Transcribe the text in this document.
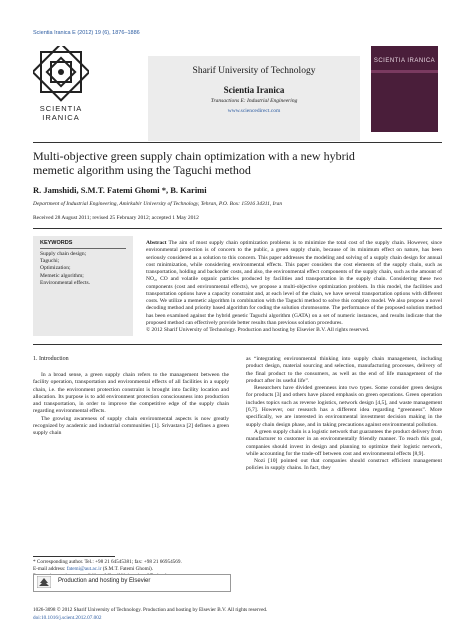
Scientia Iranica E (2012) 19 (6), 1876–1886
SCIENTIA
IRANICA
Sharif University of Technology
Scientia Iranica
Transactions E: Industrial Engineering
www.sciencedirect.com
SCIENTIA IRANICA
Multi-objective green supply chain optimization with a new hybrid
memetic algorithm using the Taguchi method
R. Jamshidi, S.M.T. Fatemi Ghomi *, B. Karimi
Department of Industrial Engineering, Amirkabir University of Technology, Tehran, P.O. Box: 15916 34311, Iran
Received 28 August 2011; revised 25 February 2012; accepted 1 May 2012
KEYWORDS
Supply chain design;
Taguchi;
Optimization;
Memetic algorithm;
Environmental effects.
Abstract The aim of most supply chain optimization problems is to minimize the total cost of the supply chain. However, since environmental protection is of concern to the public, a green supply chain, because of its minimum effect on nature, has been seriously considered as a solution to this concern. This paper addresses the modeling and solving of a supply chain design for annual cost minimization, while considering environmental effects. This paper considers the cost elements of the supply chain, such as transportation, holding and backorder costs, and also, the environmental effect components of the supply chain, such as the amount of NO₂, CO and volatile organic particles produced by facilities and transportation in the supply chain. Considering these two components (cost and environmental effects), we propose a multi-objective optimization problem. In this model, the facilities and transportation options have a capacity constraint and, at each level of the chain, we have several transportation options with different costs. We utilize a memetic algorithm in combination with the Taguchi method to solve this complex model. We also propose a novel decoding method and priority based algorithm for coding the solution chromosome. The performance of the proposed solution method has been examined against the hybrid genetic Taguchi algorithm (GATA) on a set of numeric instances, and results indicate that the proposed method can effectively provide better results than previous solution procedures.
© 2012 Sharif University of Technology. Production and hosting by Elsevier B.V. All rights reserved.
1. Introduction

In a broad sense, a green supply chain refers to the management between the facility operation, transportation and environmental effects of all facilities in a supply chain, i.e. the environment protection constraint is brought into facility location and allocation. Its purpose is to add environment protection consciousness into production and transportation, in order to improve the competitive edge of the supply chain regarding environmental effects.

The growing awareness of supply chain environmental aspects is now greatly recognized by academic and industrial communities [1]. Srivastava [2] defines a green supply chain

as “integrating environmental thinking into supply chain management, including product design, material sourcing and selection, manufacturing processes, delivery of the final product to the consumers, as well as the end of life management of the product after its useful life”.

Researchers have divided greenness into two types. Some consider green designs for products [3] and others have placed emphasis on green operations. Green operation includes topics such as reverse logistics, network design [4,5], and waste management [6,7]. However, our research has a different idea regarding “greenness”. More specifically, we are interested in environmental investment decision making in the supply chain design phase, and in taking precautions against environmental pollution.

A green supply chain is a logistic network that guarantees the product delivery from manufacturer to customer in an environmentally friendly manner. To reach this goal, companies should invest in design and planning to optimize their logistic network, while accounting for the trade-off between cost and environmental effects [8,9].

Nozi [10] pointed out that companies should construct efficient management policies in supply chains. In fact, they

* Corresponding author. Tel.: +98 21 64545381; fax: +98 21 66954569.
E-mail address: fatemi@aut.ac.ir (S.M.T. Fatemi Ghomi).
Production and hosting by Elsevier
1026-3098 © 2012 Sharif University of Technology. Production and hosting by Elsevier B.V. All rights reserved.
doi:10.1016/j.scient.2012.07.002
